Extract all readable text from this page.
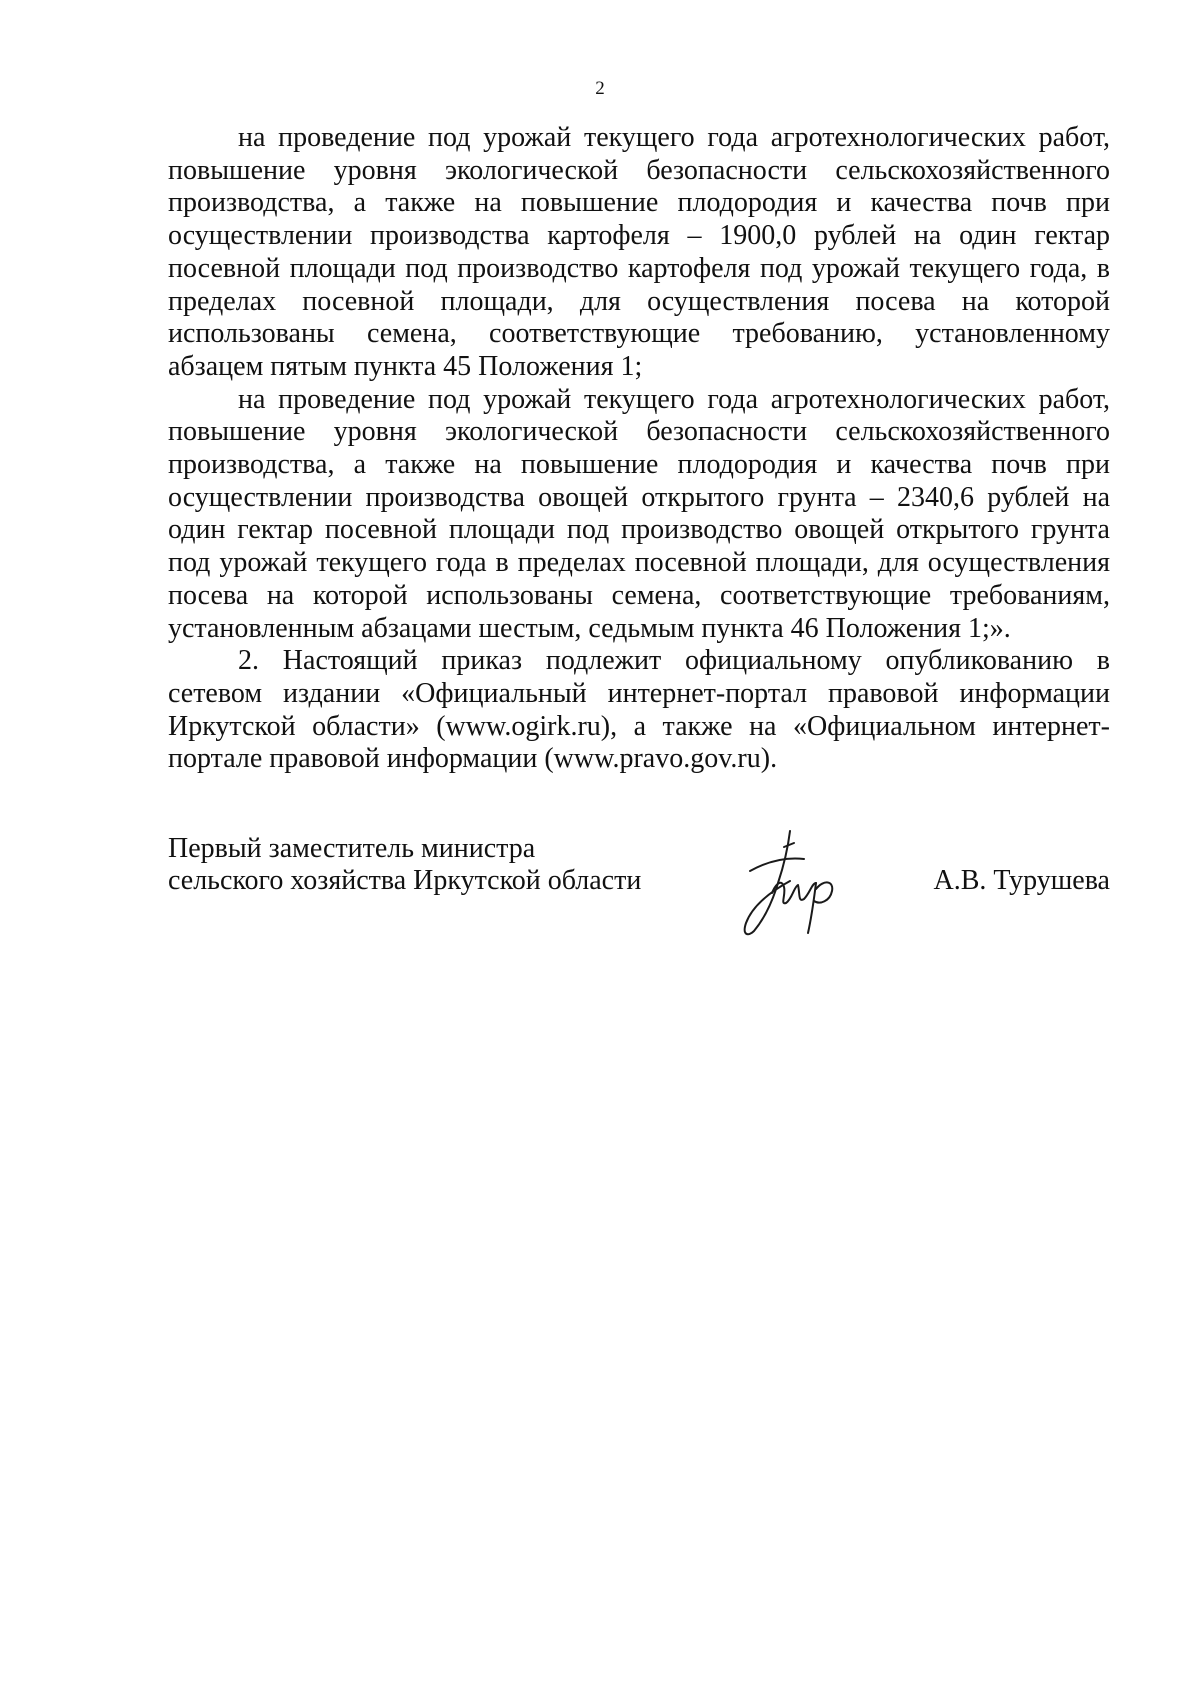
2

на проведение под урожай текущего года агротехнологических работ, повышение уровня экологической безопасности сельскохозяйственного производства, а также на повышение плодородия и качества почв при осуществлении производства картофеля – 1900,0 рублей на один гектар посевной площади под производство картофеля под урожай текущего года, в пределах посевной площади, для осуществления посева на которой использованы семена, соответствующие требованию, установленному абзацем пятым пункта 45 Положения 1;

на проведение под урожай текущего года агротехнологических работ, повышение уровня экологической безопасности сельскохозяйственного производства, а также на повышение плодородия и качества почв при осуществлении производства овощей открытого грунта – 2340,6 рублей на один гектар посевной площади под производство овощей открытого грунта под урожай текущего года в пределах посевной площади, для осуществления посева на которой использованы семена, соответствующие требованиям, установленным абзацами шестым, седьмым пункта 46 Положения 1;».

2. Настоящий приказ подлежит официальному опубликованию в сетевом издании «Официальный интернет-портал правовой информации Иркутской области» (www.ogirk.ru), а также на «Официальном интернет-портале правовой информации (www.pravo.gov.ru).

Первый заместитель министра
сельского хозяйства Иркутской области	А.В. Турушева
